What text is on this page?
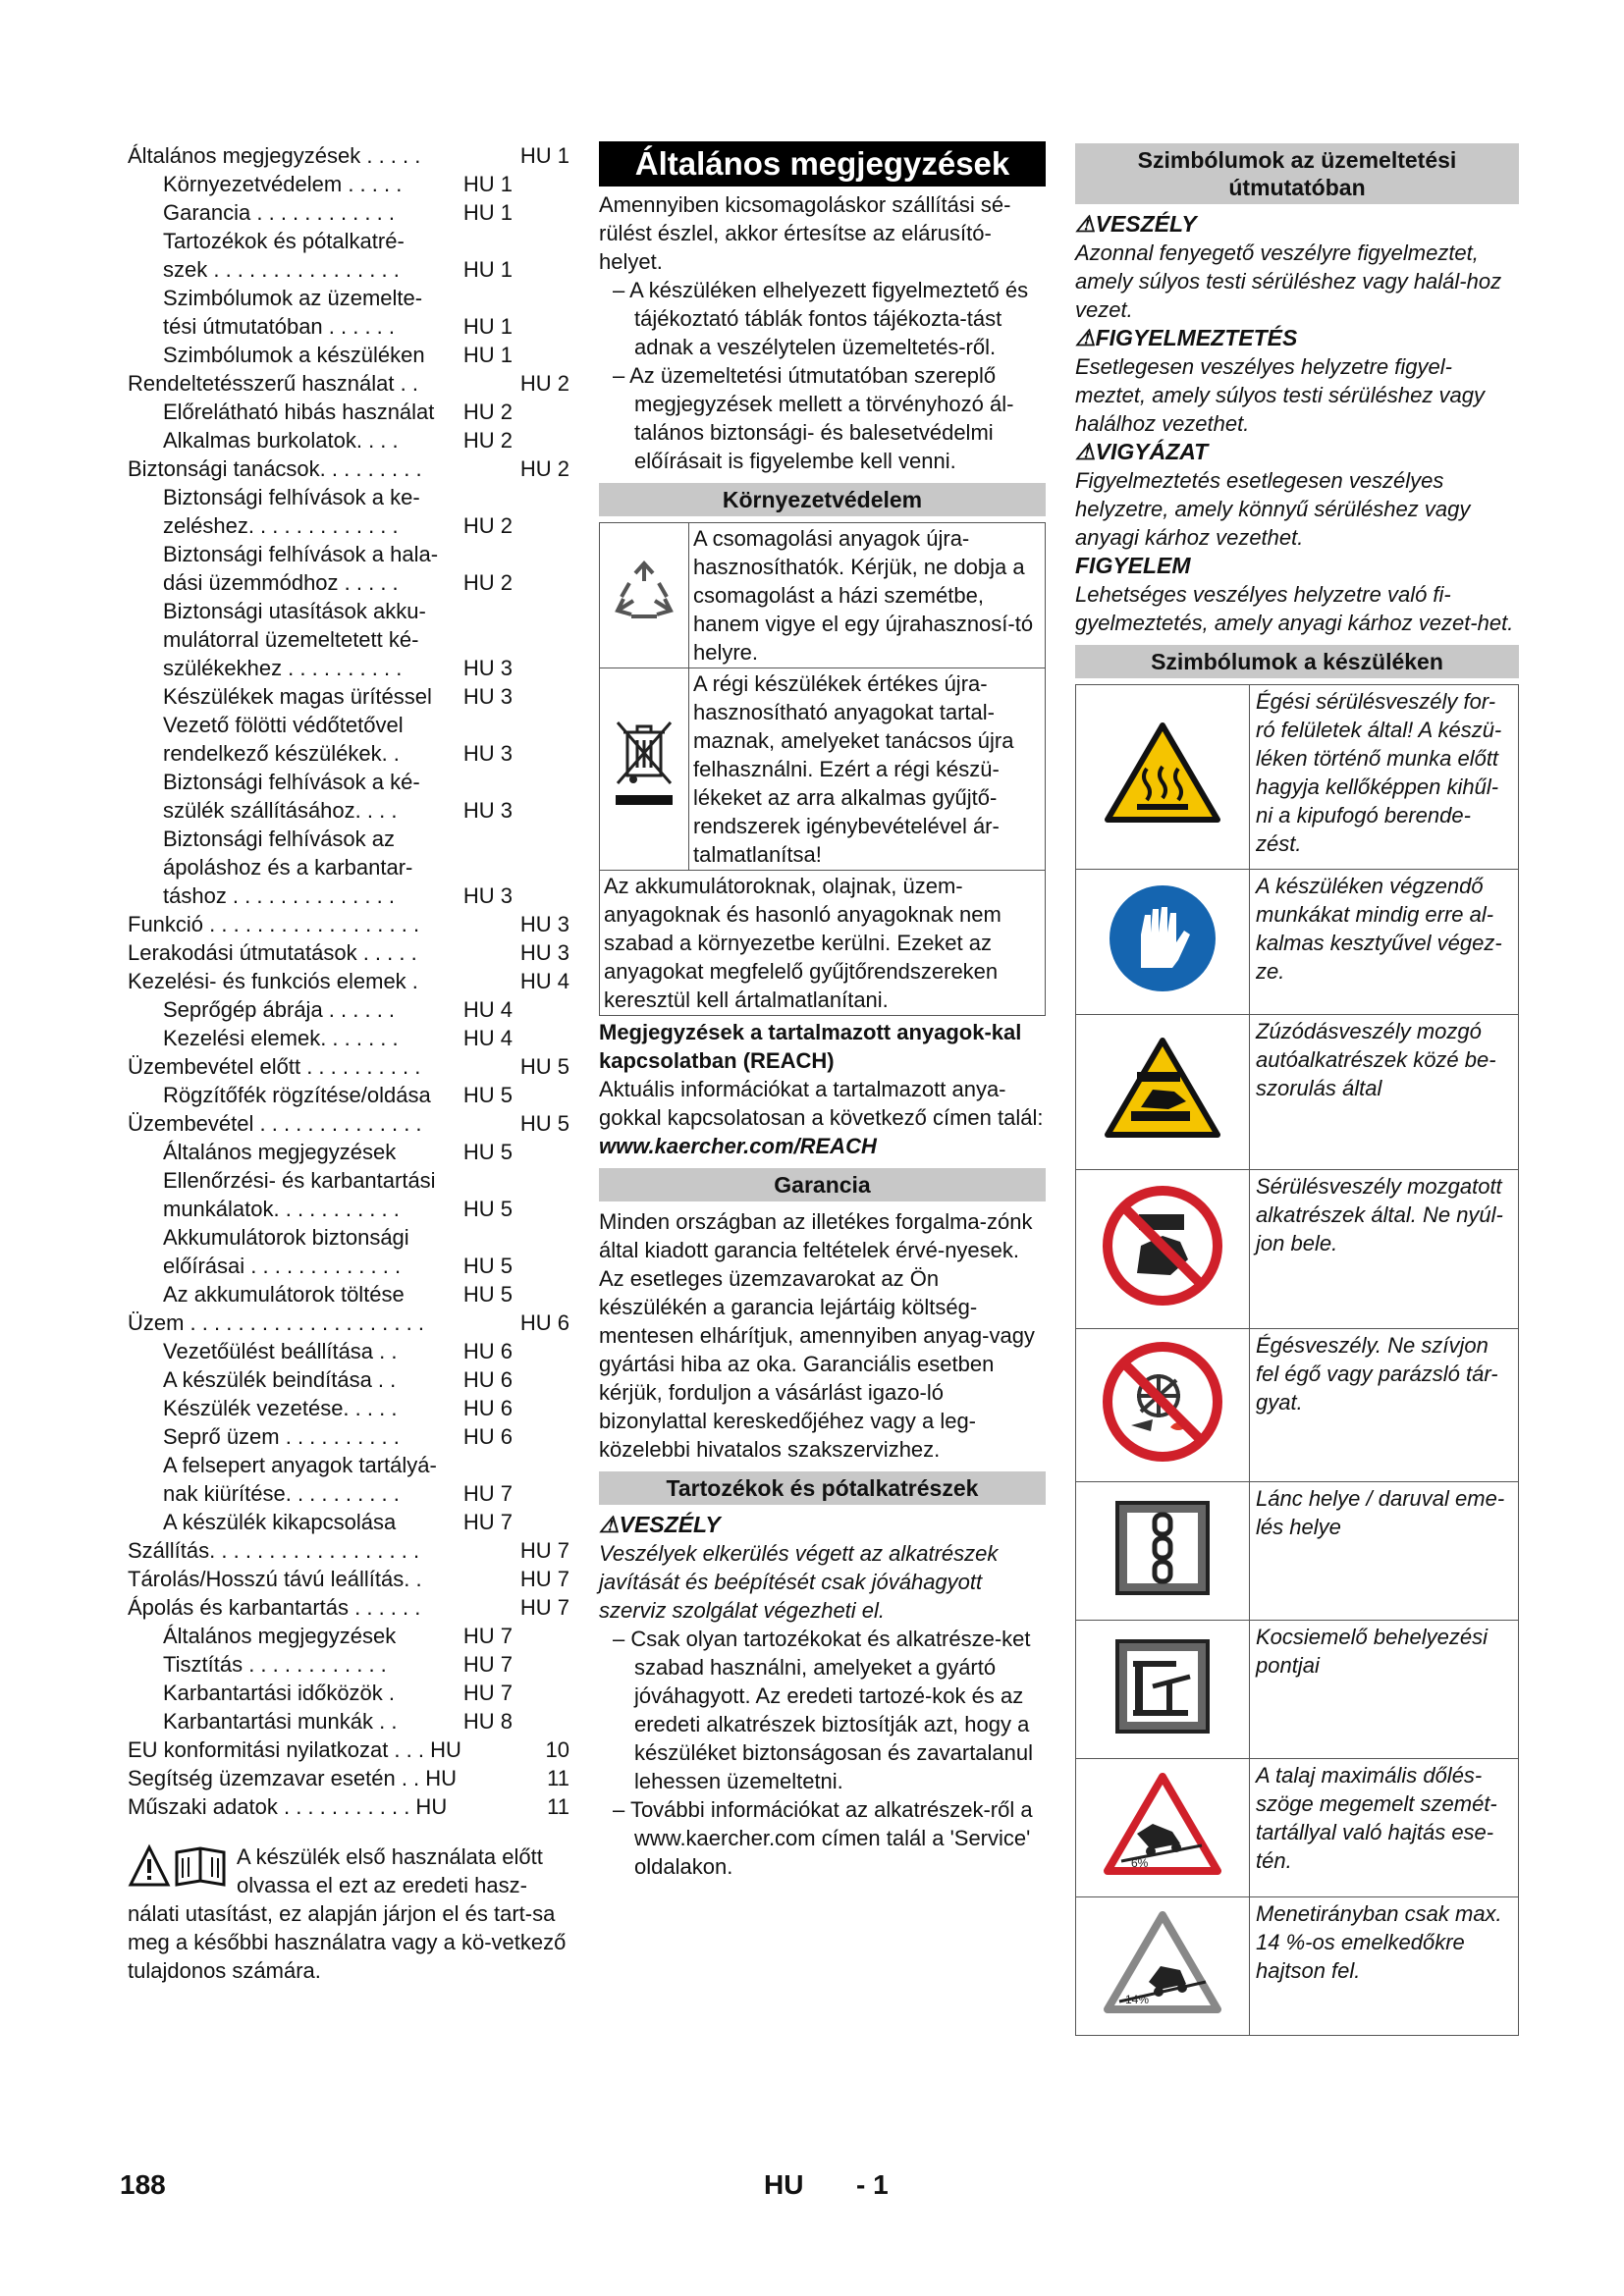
Általános megjegyzések . . . . .	HU 1
Környezetvédelem . . . . .	HU 1
Garancia . . . . . . . . . . . .	HU 1
Tartozékok és pótalkatré-szek . . . . . . . . . . . . . . . .	HU 1
Szimbólumok az üzemelte-tési útmutatóban . . . . . .	HU 1
Szimbólumok a készüléken	HU 1
Rendeltetésszerű használat . .	HU 2
Előrelátható hibás használat	HU 2
Alkalmas burkolatok. . . .	HU 2
Biztonsági tanácsok. . . . . . . . .	HU 2
Biztonsági felhívások a ke-zeléshez. . . . . . . . . . . . .	HU 2
Biztonsági felhívások a hala-dási üzemmódhoz . . . . .	HU 2
Biztonsági utasítások akku-mulátorral üzemeltetett ké-szülékekhez . . . . . . . . . .	HU 3
Készülékek magas ürítéssel	HU 3
Vezető fölötti védőtetővel rendelkező készülékek. .	HU 3
Biztonsági felhívások a ké-szülék szállításához. . . .	HU 3
Biztonsági felhívások az ápoláshoz és a karbantar-táshoz . . . . . . . . . . . . . .	HU 3
Funkció . . . . . . . . . . . . . . . . . .	HU 3
Lerakodási útmutatások . . . . .	HU 3
Kezelési- és funkciós elemek .	HU 4
Seprőgép ábrája . . . . . .	HU 4
Kezelési elemek. . . . . . .	HU 4
Üzembevétel előtt . . . . . . . . . .	HU 5
Rögzítőfék rögzítése/oldása	HU 5
Üzembevétel . . . . . . . . . . . . . .	HU 5
Általános megjegyzések	HU 5
Ellenőrzési- és karbantartási munkálatok. . . . . . . . . . .	HU 5
Akkumulátorok biztonsági előírásai . . . . . . . . . . . . .	HU 5
Az akkumulátorok töltése	HU 5
Üzem . . . . . . . . . . . . . . . . . . . .	HU 6
Vezetőülést beállítása . .	HU 6
A készülék beindítása . .	HU 6
Készülék vezetése. . . . .	HU 6
Seprő üzem . . . . . . . . . .	HU 6
A felsepert anyagok tartályá-nak kiürítése. . . . . . . . . .	HU 7
A készülék kikapcsolása	HU 7
Szállítás. . . . . . . . . . . . . . . . . .	HU 7
Tárolás/Hosszú távú leállítás. .	HU 7
Ápolás és karbantartás . . . . . .	HU 7
Általános megjegyzések	HU 7
Tisztítás . . . . . . . . . . . .	HU 7
Karbantartási időközök .	HU 7
Karbantartási munkák . .	HU 8
EU konformitási nyilatkozat . . . HU	10
Segítség üzemzavar esetén . . HU	11
Műszaki adatok . . . . . . . . . . . HU	11
A készülék első használata előtt olvassa el ezt az eredeti hasz-nálati utasítást, ez alapján járjon el és tart-sa meg a későbbi használatra vagy a kö-vetkező tulajdonos számára.
Általános megjegyzések

Amennyiben kicsomagoláskor szállítási sé-rülést észlel, akkor értesítse az elárusító-helyet.

– A készüléken elhelyezett figyelmeztető és tájékoztató táblák fontos tájékozta-tást adnak a veszélytelen üzemeltetés-ről.
– Az üzemeltetési útmutatóban szereplő megjegyzések mellett a törvényhozó ál-talános biztonsági- és balesetvédelmi előírásait is figyelembe kell venni.
Környezetvédelem
	A csomagolási anyagok újra-hasznosíthatók. Kérjük, ne dobja a csomagolást a házi szemétbe, hanem vigye el egy újrahasznosí-tó helyre.
	A régi készülékek értékes újra-hasznosítható anyagokat tartal-maznak, amelyeket tanácsos újra felhasználni. Ezért a régi készü-lékeket az arra alkalmas gyűjtő-rendszerek igénybevételével ár-talmatlanítsa!
Az akkumulátoroknak, olajnak, üzem-anyagoknak és hasonló anyagoknak nem szabad a környezetbe kerülni. Ezeket az anyagokat megfelelő gyűjtőrendszereken keresztül kell ártalmatlanítani.	

Megjegyzések a tartalmazott anyagok-kal kapcsolatban (REACH)

Aktuális információkat a tartalmazott anya-gokkal kapcsolatosan a következő címen talál:

www.kaercher.com/REACH

Garancia

Minden országban az illetékes forgalma-zónk által kiadott garancia feltételek érvé-nyesek. Az esetleges üzemzavarokat az Ön készülékén a garancia lejártáig költség-mentesen elhárítjuk, amennyiben anyag-vagy gyártási hiba az oka. Garanciális esetben kérjük, forduljon a vásárlást igazo-ló bizonylattal kereskedőjéhez vagy a leg-közelebbi hivatalos szakszervizhez.

Tartozékok és pótalkatrészek
⚠VESZÉLY

Veszélyek elkerülés végett az alkatrészek javítását és beépítését csak jóváhagyott szerviz szolgálat végezheti el.

– Csak olyan tartozékokat és alkatrésze-ket szabad használni, amelyeket a gyártó jóváhagyott. Az eredeti tartozé-kok és az eredeti alkatrészek biztosítják azt, hogy a készüléket biztonságosan és zavartalanul lehessen üzemeltetni.
– További információkat az alkatrészek-ről a www.kaercher.com címen talál a 'Service' oldalakon.
Szimbólumok az üzemeltetési útmutatóban
⚠VESZÉLY

Azonnal fenyegető veszélyre figyelmeztet, amely súlyos testi sérüléshez vagy halál-hoz vezet.

⚠FIGYELMEZTETÉS

Esetlegesen veszélyes helyzetre figyel-meztet, amely súlyos testi sérüléshez vagy halálhoz vezethet.

⚠VIGYÁZAT

Figyelmeztetés esetlegesen veszélyes helyzetre, amely könnyű sérüléshez vagy anyagi kárhoz vezethet.

FIGYELEM

Lehetséges veszélyes helyzetre való fi-gyelmeztetés, amely anyagi kárhoz vezet-het.

Szimbólumok a készüléken
	Égési sérülésveszély for-ró felületek által! A készü-léken történő munka előtt hagyja kellőképpen kihűl-ni a kipufogó berende-zést.
	A készüléken végzendő munkákat mindig erre al-kalmas kesztyűvel végez-ze.
	Zúzódásveszély mozgó autóalkatrészek közé be-szorulás által
	Sérülésveszély mozgatott alkatrészek által. Ne nyúl-jon bele.
	Égésveszély. Ne szívjon fel égő vagy parázsló tár-gyat.
	Lánc helye / daruval eme-lés helye
	Kocsiemelő behelyezési pontjai

6%	A talaj maximális dőlés-szöge megemelt szemét-tartállyal való hajtás ese-tén.

14%	Menetirányban csak max. 14 %-os emelkedőkre hajtson fel.
188	HU - 1
